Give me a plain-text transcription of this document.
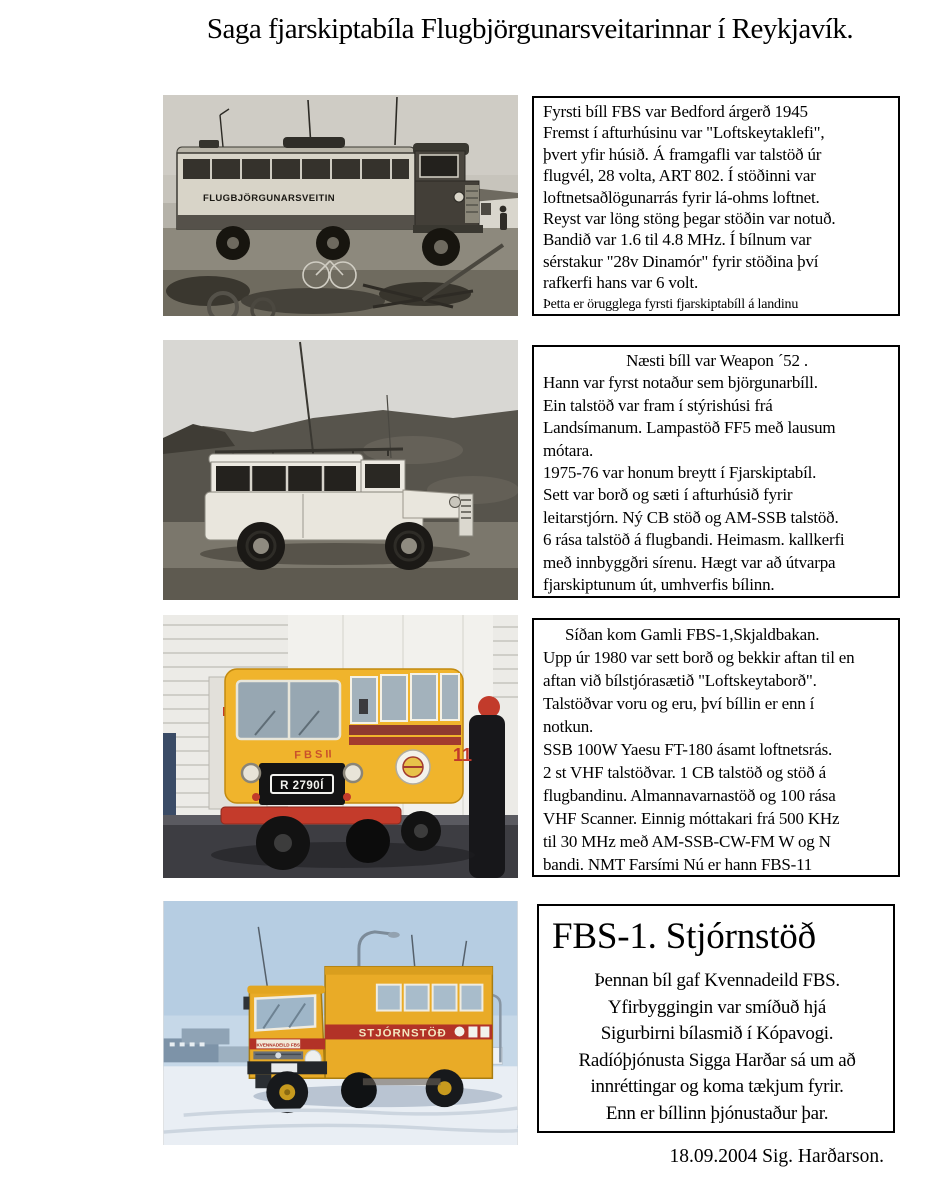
Saga fjarskiptabíla Flugbjörgunarsveitarinnar í Reykjavík.
FLUGBJÖRGUNARSVEITIN
F B S II	11
R 2790Í
STJÓRNSTÖÐ
KVENNADEILD FBS
Fyrsti bíll FBS var Bedford árgerð 1945
Fremst í afturhúsinu var "Loftskeytaklefi",
þvert yfir húsið. Á framgafli var talstöð úr
flugvél, 28 volta, ART 802. Í stöðinni var
loftnetsaðlögunarrás fyrir lá-ohms loftnet.
Reyst var löng stöng þegar stöðin var notuð.
Bandið var 1.6 til 4.8 MHz. Í bílnum var
sérstakur "28v Dinamór" fyrir stöðina því
rafkerfi hans var 6 volt.
Þetta er örugglega fyrsti fjarskiptabíll á landinu
Næsti bíll var Weapon ´52 .
Hann var fyrst notaður sem björgunarbíll.
Ein talstöð var fram í stýrishúsi frá
Landsímanum. Lampastöð FF5 með lausum
mótara.
1975-76 var honum breytt í Fjarskiptabíl.
Sett var borð og sæti í afturhúsið fyrir
leitarstjórn. Ný CB stöð og AM-SSB talstöð.
6 rása talstöð á flugbandi. Heimasm. kallkerfi
með innbyggðri sírenu. Hægt var að útvarpa
fjarskiptunum út, umhverfis bílinn.
Síðan kom Gamli FBS-1,Skjaldbakan.
Upp úr 1980 var sett borð og bekkir aftan til en
aftan við bílstjórasætið "Loftskeytaborð".
Talstöðvar voru og eru, því bíllin er enn í
notkun.
SSB 100W Yaesu FT-180 ásamt loftnetsrás.
2 st VHF talstöðvar. 1 CB talstöð og stöð á
flugbandinu. Almannavarnastöð og 100 rása
VHF Scanner. Einnig móttakari frá 500 KHz
til 30 MHz með AM-SSB-CW-FM W og N
bandi. NMT Farsími Nú er hann FBS-11
FBS-1. Stjórnstöð
Þennan bíl gaf Kvennadeild FBS.
Yfirbyggingin var smíðuð hjá
Sigurbirni bílasmið í Kópavogi.
Radíóþjónusta Sigga Harðar sá um að
innréttingar og koma tækjum fyrir.
Enn er bíllinn þjónustaður þar.
18.09.2004 Sig. Harðarson.
